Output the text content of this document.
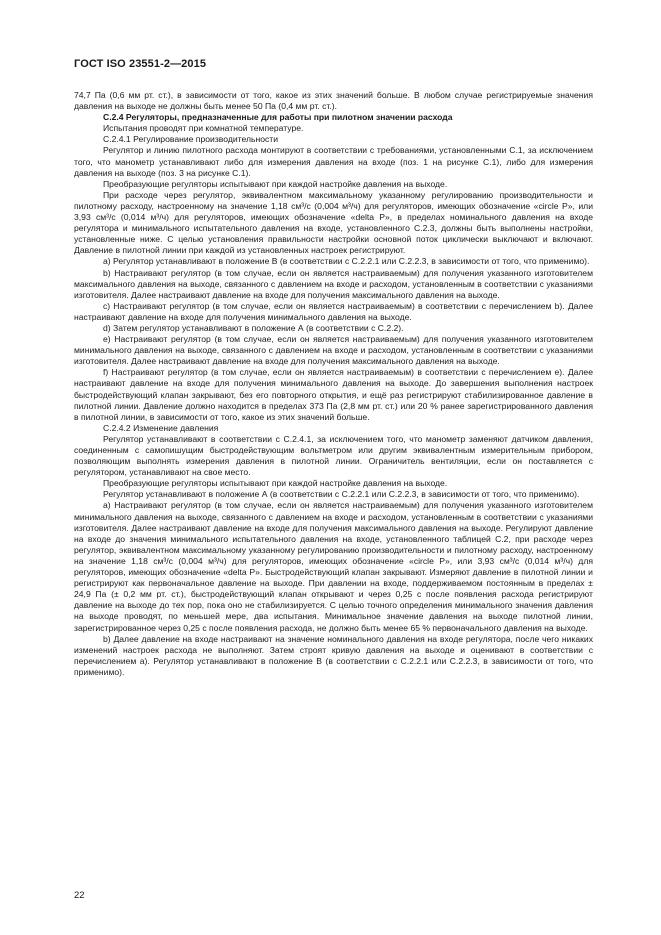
ГОСТ ISO 23551-2—2015

74,7 Па (0,6 мм рт. ст.), в зависимости от того, какое из этих значений больше. В любом случае регистрируемые значения давления на выходе не должны быть менее 50 Па (0,4 мм рт. ст.).

С.2.4 Регуляторы, предназначенные для работы при пилотном значении расхода

Испытания проводят при комнатной температуре.

С.2.4.1 Регулирование производительности

Регулятор и линию пилотного расхода монтируют в соответствии с требованиями, установленными С.1, за исключением того, что манометр устанавливают либо для измерения давления на входе (поз. 1 на рисунке С.1), либо для измерения давления на выходе (поз. 3 на рисунке С.1).

Преобразующие регуляторы испытывают при каждой настройке давления на выходе.

При расходе через регулятор, эквивалентном максимальному указанному регулированию производительности и пилотному расходу, настроенному на значение 1,18 см³/с (0,004 м³/ч) для регуляторов, имеющих обозначение «circle P», или 3,93 см³/с (0,014 м³/ч) для регуляторов, имеющих обозначение «delta P», в пределах номинального давления на входе регулятора и минимального испытательного давления на входе, установленного С.2.3, должны быть выполнены настройки, установленные ниже. С целью установления правильности настройки основной поток циклически выключают и включают. Давление в пилотной линии при каждой из установленных настроек регистрируют.

a) Регулятор устанавливают в положение B (в соответствии с С.2.2.1 или С.2.2.3, в зависимости от того, что применимо).

b) Настраивают регулятор (в том случае, если он является настраиваемым) для получения указанного изготовителем максимального давления на выходе, связанного с давлением на входе и расходом, установленным в соответствии с указаниями изготовителя. Далее настраивают давление на входе для получения максимального давления на выходе.

c) Настраивают регулятор (в том случае, если он является настраиваемым) в соответствии с перечислением b). Далее настраивают давление на входе для получения минимального давления на выходе.

d) Затем регулятор устанавливают в положение А (в соответствии с С.2.2).

e) Настраивают регулятор (в том случае, если он является настраиваемым) для получения указанного изготовителем минимального давления на выходе, связанного с давлением на входе и расходом, установленным в соответствии с указаниями изготовителя. Далее настраивают давление на входе для получения максимального давления на выходе.

f) Настраивают регулятор (в том случае, если он является настраиваемым) в соответствии с перечислением е). Далее настраивают давление на входе для получения минимального давления на выходе. До завершения выполнения настроек быстродействующий клапан закрывают, без его повторного открытия, и ещё раз регистрируют стабилизированное давление в пилотной линии. Давление должно находится в пределах 373 Па (2,8 мм рт. ст.) или 20 % ранее зарегистрированного давления в пилотной линии, в зависимости от того, какое из этих значений больше.

С.2.4.2 Изменение давления

Регулятор устанавливают в соответствии с С.2.4.1, за исключением того, что манометр заменяют датчиком давления, соединенным с самопишущим быстродействующим вольтметром или другим эквивалентным измерительным прибором, позволяющим выполнять измерения давления в пилотной линии. Ограничитель вентиляции, если он поставляется с регулятором, устанавливают на свое место.

Преобразующие регуляторы испытывают при каждой настройке давления на выходе.

Регулятор устанавливают в положение А (в соответствии с С.2.2.1 или С.2.2.3, в зависимости от того, что применимо).

a) Настраивают регулятор (в том случае, если он является настраиваемым) для получения указанного изготовителем минимального давления на выходе, связанного с давлением на входе и расходом, установленным в соответствии с указаниями изготовителя. Далее настраивают давление на входе для получения максимального давления на выходе. Регулируют давление на входе до значения минимального испытательного давления на входе, установленного таблицей С.2, при расходе через регулятор, эквивалентном максимальному указанному регулированию производительности и пилотному расходу, настроенному на значение 1,18 см³/с (0,004 м³/ч) для регуляторов, имеющих обозначение «circle P», или 3,93 см³/с (0,014 м³/ч) для регуляторов, имеющих обозначение «delta P». Быстродействующий клапан закрывают. Измеряют давление в пилотной линии и регистрируют как первоначальное давление на выходе. При давлении на входе, поддерживаемом постоянным в пределах ± 24,9 Па (± 0,2 мм рт. ст.), быстродействующий клапан открывают и через 0,25 с после появления расхода регистрируют давление на выходе до тех пор, пока оно не стабилизируется. С целью точного определения минимального значения давления на выходе проводят, по меньшей мере, два испытания. Минимальное значение давления на выходе пилотной линии, зарегистрированное через 0,25 с после появления расхода, не должно быть менее 65 % первоначального давления на выходе.

b) Далее давление на входе настраивают на значение номинального давления на входе регулятора, после чего никаких изменений настроек расхода не выполняют. Затем строят кривую давления на выходе и оценивают в соответствии с перечислением а). Регулятор устанавливают в положение В (в соответствии с С.2.2.1 или С.2.2.3, в зависимости от того, что применимо).

22
